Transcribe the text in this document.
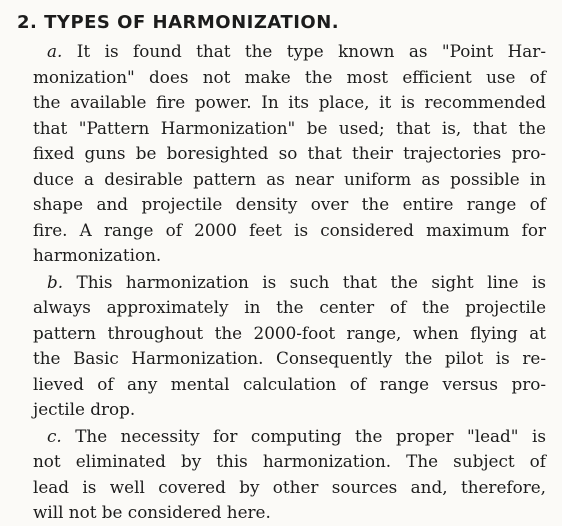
2. TYPES OF HARMONIZATION.
a. It is found that the type known as "Point Har-
monization" does not make the most efficient use of
the available fire power. In its place, it is recommended
that "Pattern Harmonization" be used; that is, that the
fixed guns be boresighted so that their trajectories pro-
duce a desirable pattern as near uniform as possible in
shape and projectile density over the entire range of
fire. A range of 2000 feet is considered maximum for
harmonization.
b. This harmonization is such that the sight line is
always approximately in the center of the projectile
pattern throughout the 2000-foot range, when flying at
the Basic Harmonization. Consequently the pilot is re-
lieved of any mental calculation of range versus pro-
jectile drop.
c. The necessity for computing the proper "lead" is
not eliminated by this harmonization. The subject of
lead is well covered by other sources and, therefore,
will not be considered here.
